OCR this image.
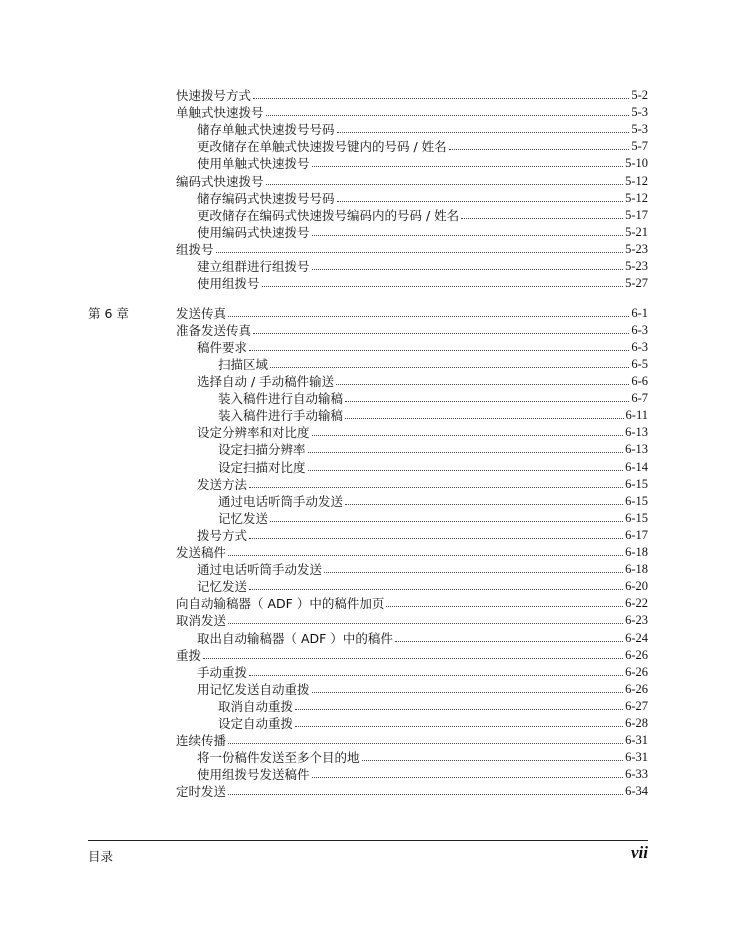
快速拨号方式	5-2
单触式快速拨号	5-3
储存单触式快速拨号号码	5-3
更改储存在单触式快速拨号键内的号码 / 姓名	5-7
使用单触式快速拨号	5-10
编码式快速拨号	5-12
储存编码式快速拨号号码	5-12
更改储存在编码式快速拨号编码内的号码 / 姓名	5-17
使用编码式快速拨号	5-21
组拨号	5-23
建立组群进行组拨号	5-23
使用组拨号	5-27
发送传真	6-1
准备发送传真	6-3
稿件要求	6-3
扫描区域	6-5
选择自动 / 手动稿件输送	6-6
装入稿件进行自动输稿	6-7
装入稿件进行手动输稿	6-11
设定分辨率和对比度	6-13
设定扫描分辨率	6-13
设定扫描对比度	6-14
发送方法	6-15
通过电话听筒手动发送	6-15
记忆发送	6-15
拨号方式	6-17
发送稿件	6-18
通过电话听筒手动发送	6-18
记忆发送	6-20
向自动输稿器（ ADF ）中的稿件加页	6-22
取消发送	6-23
取出自动输稿器（ ADF ）中的稿件	6-24
重拨	6-26
手动重拨	6-26
用记忆发送自动重拨	6-26
取消自动重拨	6-27
设定自动重拨	6-28
连续传播	6-31
将一份稿件发送至多个目的地	6-31
使用组拨号发送稿件	6-33
定时发送	6-34
第 6 章
目录	vii
